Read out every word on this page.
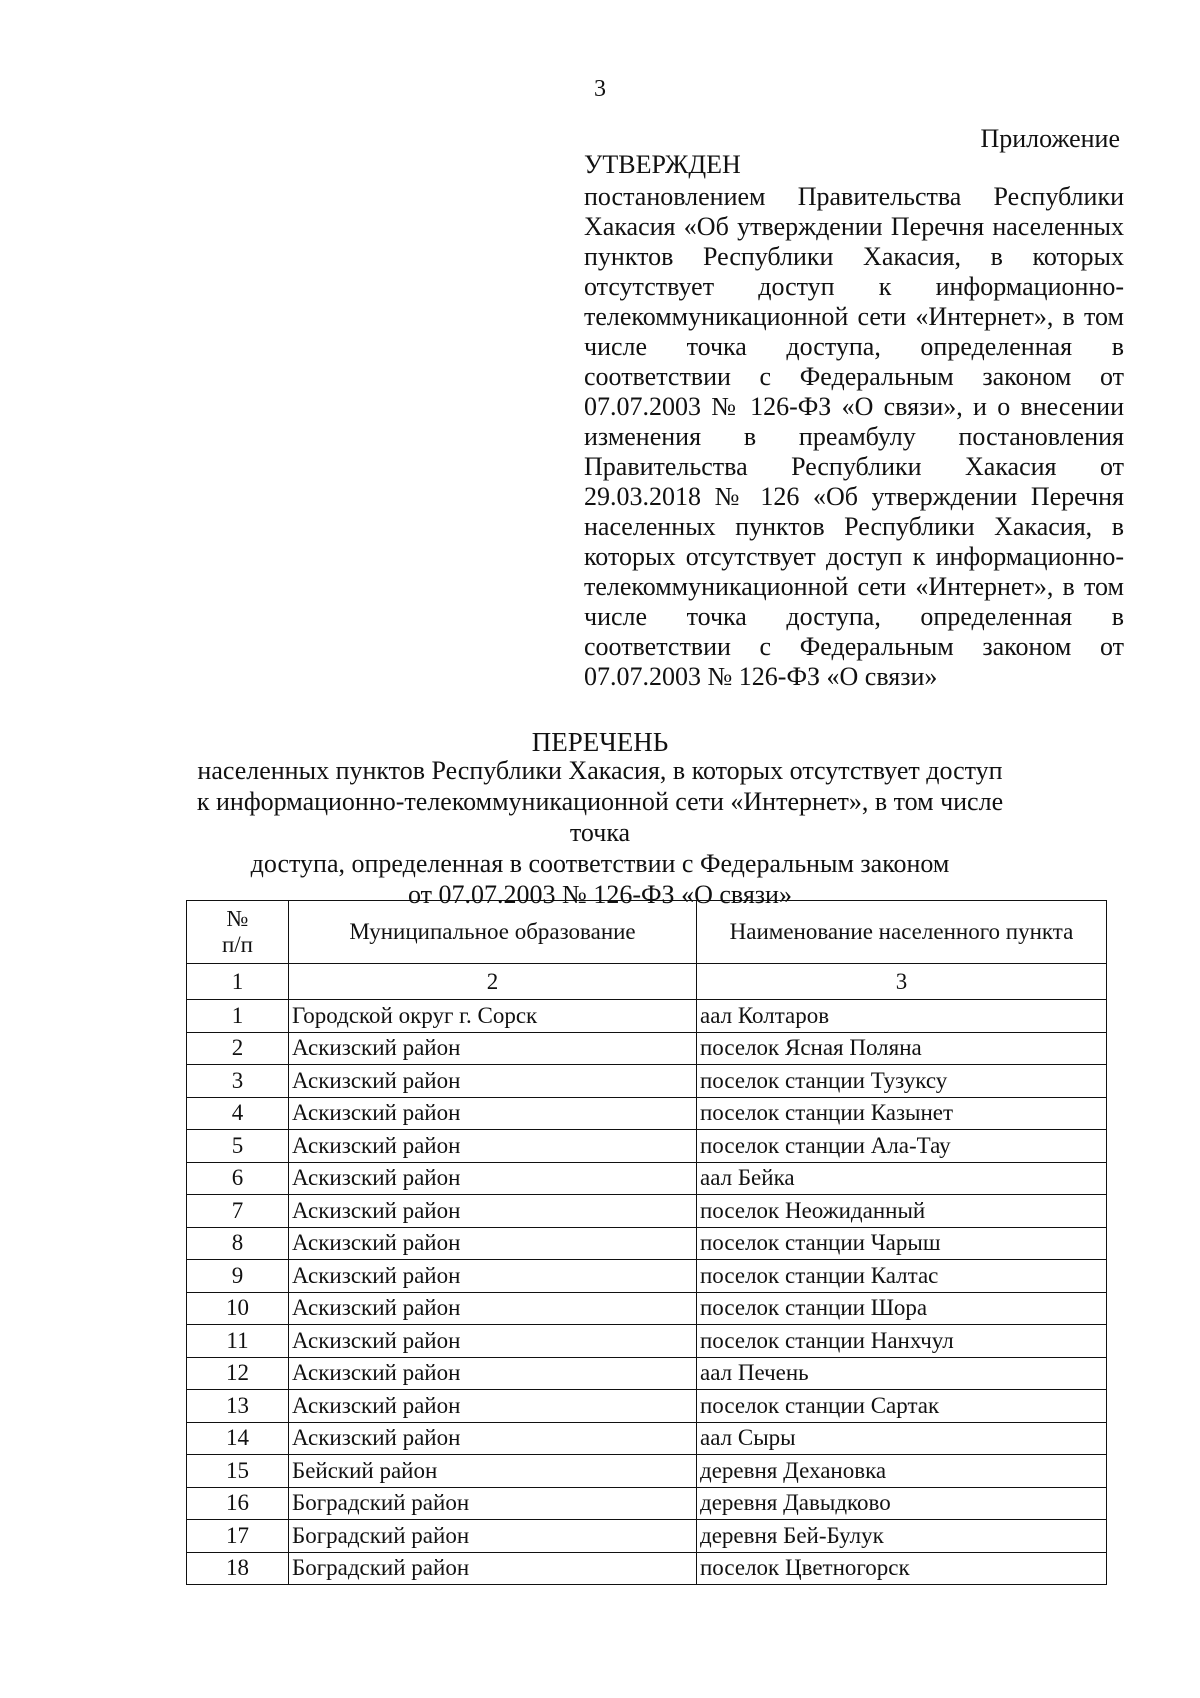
3
Приложение

УТВЕРЖДЕН

постановлением Правительства Республики Хакасия «Об утверждении Перечня населенных пунктов Республики Хакасия, в которых отсутствует доступ к информационно-телекоммуникационной сети «Интернет», в том числе точка доступа, определенная в соответствии с Федеральным законом от 07.07.2003 № 126-ФЗ «О связи», и о внесении изменения в преамбулу постановления Правительства Республики Хакасия от 29.03.2018 № 126 «Об утверждении Перечня населенных пунктов Республики Хакасия, в которых отсутствует доступ к информационно-телекоммуникационной сети «Интернет», в том числе точка доступа, определенная в соответствии с Федеральным законом от 07.07.2003 № 126-ФЗ «О связи»

ПЕРЕЧЕНЬ
населенных пунктов Республики Хакасия, в которых отсутствует доступ
к информационно-телекоммуникационной сети «Интернет», в том числе точка
доступа, определенная в соответствии с Федеральным законом
от 07.07.2003 № 126-ФЗ «О связи»
№
п/п	Муниципальное образование	Наименование населенного пункта
1	2	3
1	Городской округ г. Сорск	аал Колтаров
2	Аскизский район	поселок Ясная Поляна
3	Аскизский район	поселок станции Тузуксу
4	Аскизский район	поселок станции Казынет
5	Аскизский район	поселок станции Ала-Тау
6	Аскизский район	аал Бейка
7	Аскизский район	поселок Неожиданный
8	Аскизский район	поселок станции Чарыш
9	Аскизский район	поселок станции Калтас
10	Аскизский район	поселок станции Шора
11	Аскизский район	поселок станции Нанхчул
12	Аскизский район	аал Печень
13	Аскизский район	поселок станции Сартак
14	Аскизский район	аал Сыры
15	Бейский район	деревня Дехановка
16	Боградский район	деревня Давыдково
17	Боградский район	деревня Бей-Булук
18	Боградский район	поселок Цветногорск
